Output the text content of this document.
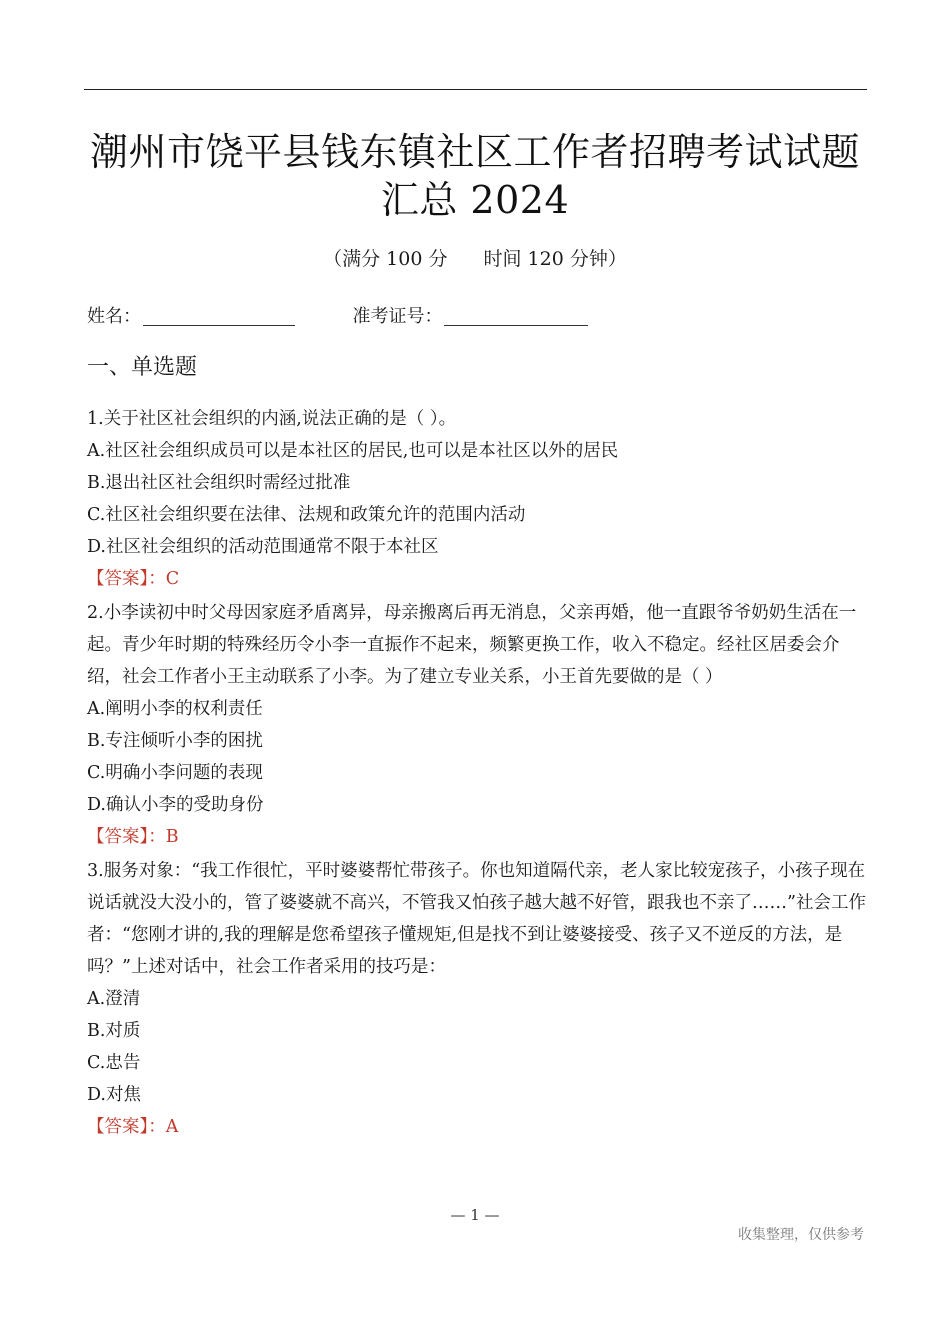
潮州市饶平县钱东镇社区工作者招聘考试试题
汇总 2024
（满分 100 分 时间 120 分钟）
姓名：	准考证号：
一、单选题

1.关于社区社会组织的内涵,说法正确的是（ ）。

A.社区社会组织成员可以是本社区的居民,也可以是本社区以外的居民

B.退出社区社会组织时需经过批准

C.社区社会组织要在法律、法规和政策允许的范围内活动

D.社区社会组织的活动范围通常不限于本社区

【答案】：C

2.小李读初中时父母因家庭矛盾离异，母亲搬离后再无消息，父亲再婚，他一直跟爷爷奶奶生活在一起。青少年时期的特殊经历令小李一直振作不起来，频繁更换工作，收入不稳定。经社区居委会介绍，社会工作者小王主动联系了小李。为了建立专业关系，小王首先要做的是（ ）

A.阐明小李的权利责任

B.专注倾听小李的困扰

C.明确小李问题的表现

D.确认小李的受助身份

【答案】：B

3.服务对象：“我工作很忙，平时婆婆帮忙带孩子。你也知道隔代亲，老人家比较宠孩子，小孩子现在说话就没大没小的，管了婆婆就不高兴，不管我又怕孩子越大越不好管，跟我也不亲了……”社会工作者：“您刚才讲的,我的理解是您希望孩子懂规矩,但是找不到让婆婆接受、孩子又不逆反的方法，是吗？”上述对话中，社会工作者采用的技巧是：

A.澄清

B.对质

C.忠告

D.对焦

【答案】：A

— 1 —
收集整理，仅供参考
